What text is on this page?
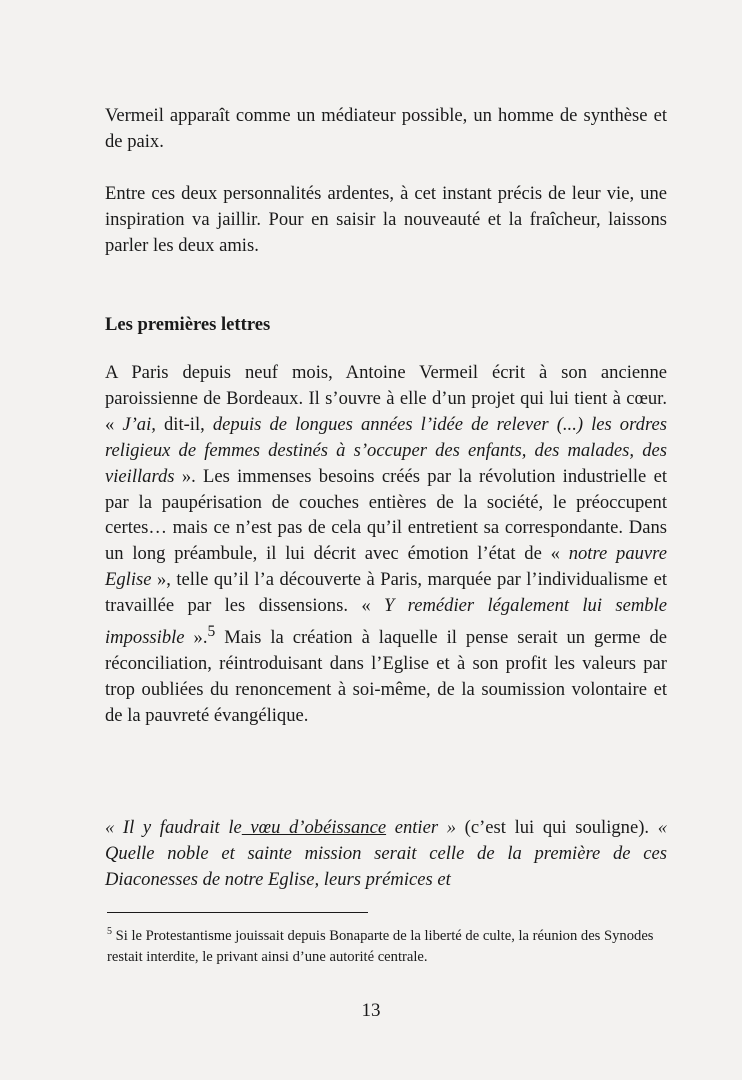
Vermeil apparaît comme un médiateur possible, un homme de synthèse et de paix.

Entre ces deux personnalités ardentes, à cet instant précis de leur vie, une inspiration va jaillir. Pour en saisir la nouveauté et la fraîcheur, laissons parler les deux amis.

Les premières lettres

A Paris depuis neuf mois, Antoine Vermeil écrit à son ancienne paroissienne de Bordeaux. Il s’ouvre à elle d’un projet qui lui tient à cœur. « J’ai, dit-il, depuis de longues années l’idée de relever (...) les ordres religieux de femmes destinés à s’occuper des enfants, des malades, des vieillards ». Les immenses besoins créés par la révolution industrielle et par la paupérisation de couches entières de la société, le préoccupent certes… mais ce n’est pas de cela qu’il entretient sa correspondante. Dans un long préambule, il lui décrit avec émotion l’état de « notre pauvre Eglise », telle qu’il l’a découverte à Paris, marquée par l’individualisme et travaillée par les dissensions. « Y remédier légalement lui semble impossible ».$^5$ Mais la création à laquelle il pense serait un germe de réconciliation, réintroduisant dans l’Eglise et à son profit les valeurs par trop oubliées du renoncement à soi-même, de la soumission volontaire et de la pauvreté évangélique.

« Il y faudrait le vœu d’obéissance entier » (c’est lui qui souligne). « Quelle noble et sainte mission serait celle de la première de ces Diaconesses de notre Eglise, leurs prémices et

$^5$ Si le Protestantisme jouissait depuis Bonaparte de la liberté de culte, la réunion des Synodes restait interdite, le privant ainsi d’une autorité centrale.
13
